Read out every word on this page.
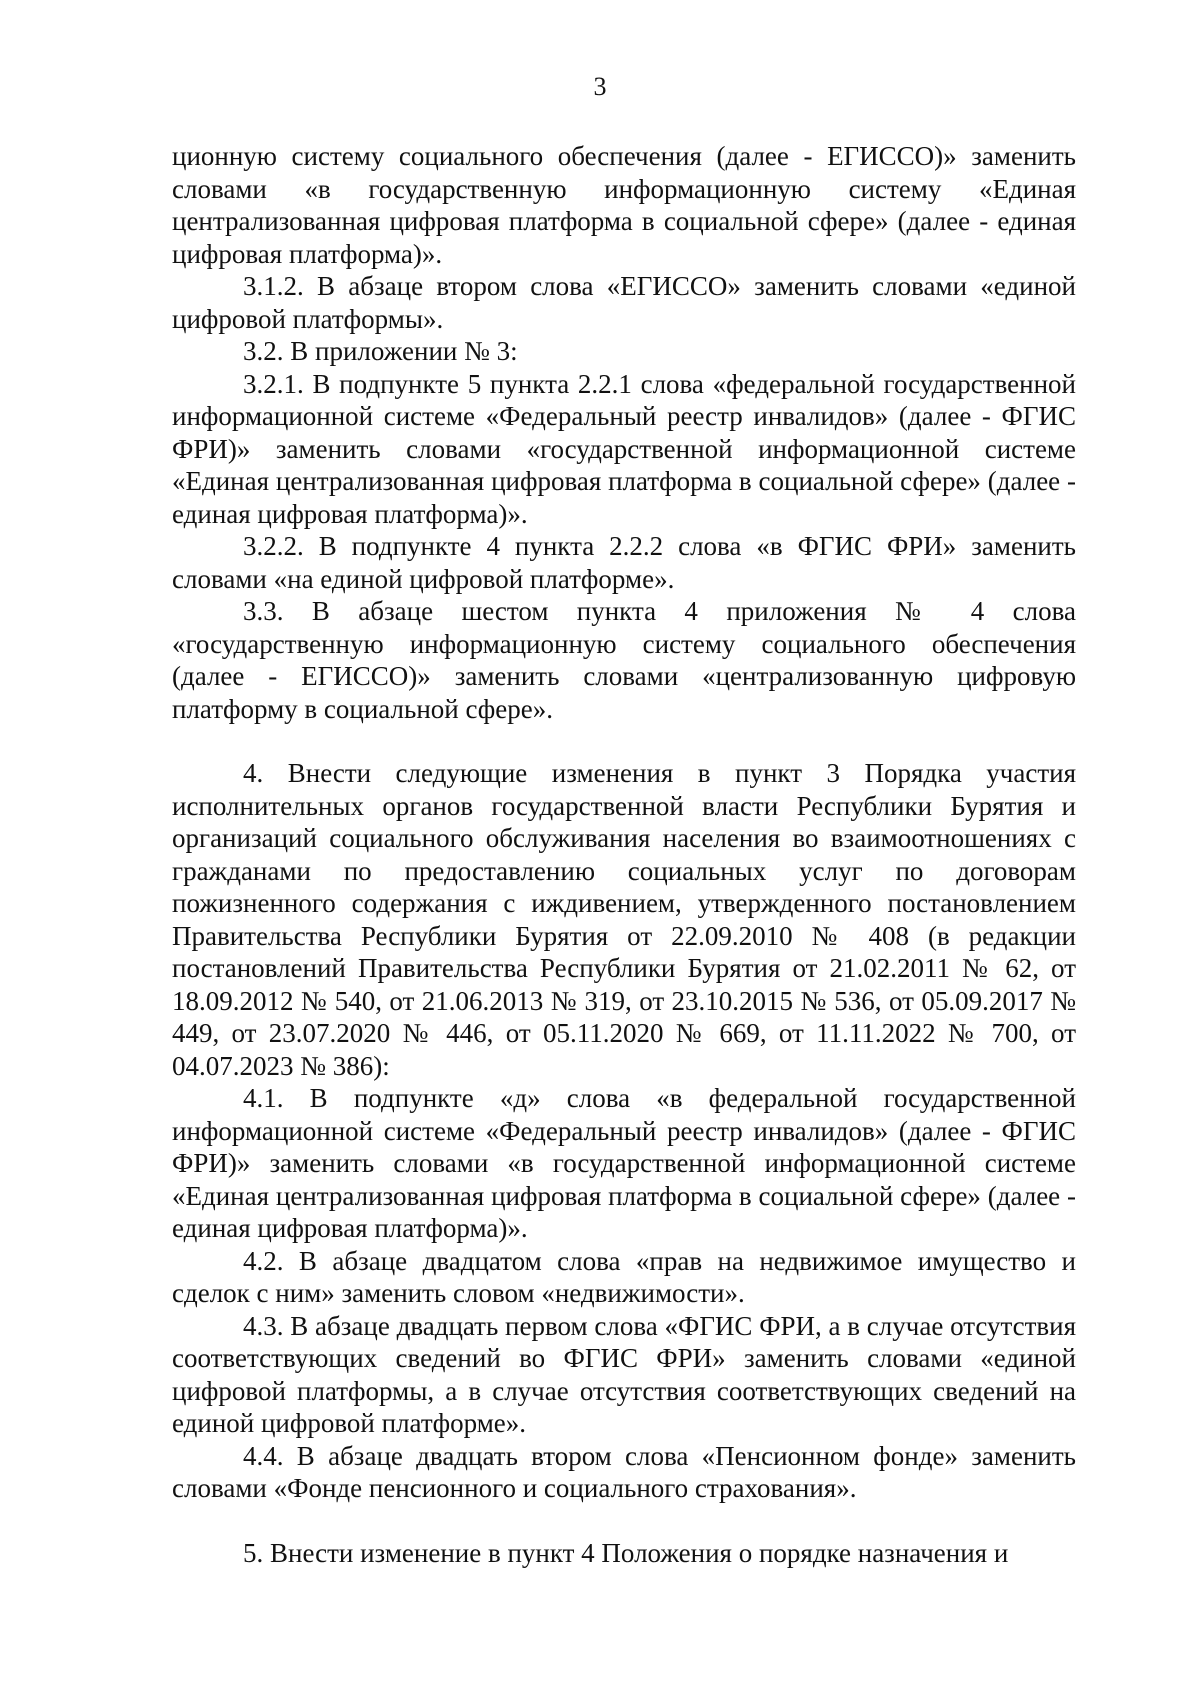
3

ционную систему социального обеспечения (далее - ЕГИССО)» заменить словами «в государственную информационную систему «Единая централизованная цифровая платформа в социальной сфере» (далее - единая цифровая платформа)».

3.1.2. В абзаце втором слова «ЕГИССО» заменить словами «единой цифровой платформы».

3.2. В приложении № 3:

3.2.1. В подпункте 5 пункта 2.2.1 слова «федеральной государственной информационной системе «Федеральный реестр инвалидов» (далее - ФГИС ФРИ)» заменить словами «государственной информационной системе «Единая централизованная цифровая платформа в социальной сфере» (далее - единая цифровая платформа)».

3.2.2. В подпункте 4 пункта 2.2.2 слова «в ФГИС ФРИ» заменить словами «на единой цифровой платформе».

3.3. В абзаце шестом пункта 4 приложения № 4 слова «государственную информационную систему социального обеспечения (далее - ЕГИССО)» заменить словами «централизованную цифровую платформу в социальной сфере».

4. Внести следующие изменения в пункт 3 Порядка участия исполнительных органов государственной власти Республики Бурятия и организаций социального обслуживания населения во взаимоотношениях с гражданами по предоставлению социальных услуг по договорам пожизненного содержания с иждивением, утвержденного постановлением Правительства Республики Бурятия от 22.09.2010 № 408 (в редакции постановлений Правительства Республики Бурятия от 21.02.2011 № 62, от 18.09.2012 № 540, от 21.06.2013 № 319, от 23.10.2015 № 536, от 05.09.2017 № 449, от 23.07.2020 № 446, от 05.11.2020 № 669, от 11.11.2022 № 700, от 04.07.2023 № 386):

4.1. В подпункте «д» слова «в федеральной государственной информационной системе «Федеральный реестр инвалидов» (далее - ФГИС ФРИ)» заменить словами «в государственной информационной системе «Единая централизованная цифровая платформа в социальной сфере» (далее - единая цифровая платформа)».

4.2. В абзаце двадцатом слова «прав на недвижимое имущество и сделок с ним» заменить словом «недвижимости».

4.3. В абзаце двадцать первом слова «ФГИС ФРИ, а в случае отсутствия соответствующих сведений во ФГИС ФРИ» заменить словами «единой цифровой платформы, а в случае отсутствия соответствующих сведений на единой цифровой платформе».

4.4. В абзаце двадцать втором слова «Пенсионном фонде» заменить словами «Фонде пенсионного и социального страхования».

5. Внести изменение в пункт 4 Положения о порядке назначения и
